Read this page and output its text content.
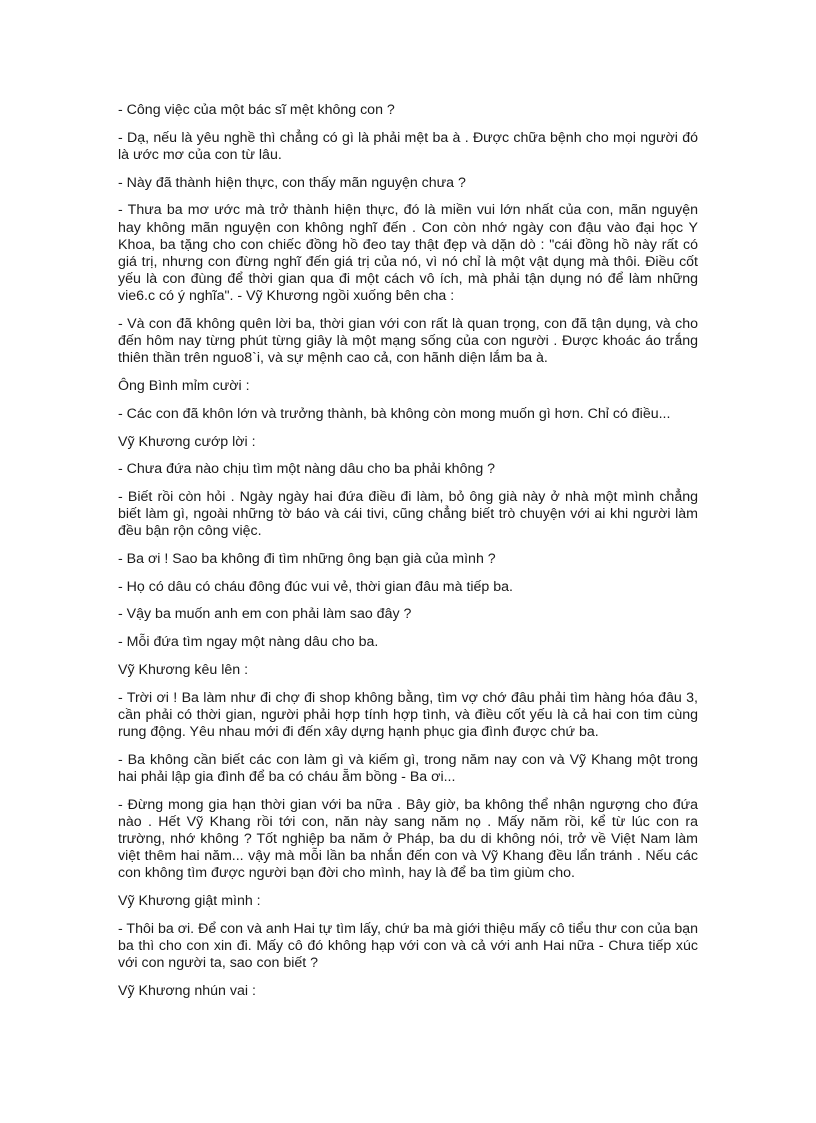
- Công việc của một bác sĩ mệt không con ?

- Dạ, nếu là yêu nghề thì chẳng có gì là phải mệt ba à . Được chữa bệnh cho mọi người đó là ước mơ của con từ lâu.

- Này đã thành hiện thực, con thấy mãn nguyện chưa ?

- Thưa ba mơ ước mà trở thành hiện thực, đó là miền vui lớn nhất của con, mãn nguyện hay không mãn nguyện con không nghĩ đến . Con còn nhớ ngày con đậu vào đại học Y Khoa, ba tặng cho con chiếc đồng hồ đeo tay thật đẹp và dặn dò : "cái đồng hồ này rất có giá trị, nhưng con đừng nghĩ đến giá trị của nó, vì nó chỉ là một vật dụng mà thôi. Điều cốt yếu là con đùng để thời gian qua đi một cách vô ích, mà phải tận dụng nó để làm những vie6.c có ý nghĩa". - Vỹ Khương ngồi xuống bên cha :

- Và con đã không quên lời ba, thời gian với con rất là quan trọng, con đã tận dụng, và cho đến hôm nay từng phút từng giây là một mạng sống của con người . Được khoác áo trắng thiên thần trên nguo8`i, và sự mệnh cao cả, con hãnh diện lắm ba à.

Ông Bình mỉm cười :

- Các con đã khôn lớn và trưởng thành, bà không còn mong muốn gì hơn. Chỉ có điều...

Vỹ Khương cướp lời :

- Chưa đứa nào chịu tìm một nàng dâu cho ba phải không ?

- Biết rồi còn hỏi . Ngày ngày hai đứa điều đi làm, bỏ ông già này ở nhà một mình chẳng biết làm gì, ngoài những tờ báo và cái tivi, cũng chẳng biết trò chuyện với ai khi người làm đều bận rộn công việc.

- Ba ơi ! Sao ba không đi tìm những ông bạn già của mình ?

- Họ có dâu có cháu đông đúc vui vẻ, thời gian đâu mà tiếp ba.

- Vậy ba muốn anh em con phải làm sao đây ?

- Mỗi đứa tìm ngay một nàng dâu cho ba.

Vỹ Khương kêu lên :

- Trời ơi ! Ba làm như đi chợ đi shop không bằng, tìm vợ chớ đâu phải tìm hàng hóa đâu 3, cần phải có thời gian, người phải hợp tính hợp tình, và điều cốt yếu là cả hai con tim cùng rung động. Yêu nhau mới đi đến xây dựng hạnh phục gia đình được chứ ba.

- Ba không cần biết các con làm gì và kiếm gì, trong năm nay con và Vỹ Khang một trong hai phải lập gia đình để ba có cháu ẵm bồng - Ba ơi...

- Đừng mong gia hạn thời gian với ba nữa . Bây giờ, ba không thể nhận ngượng cho đứa nào . Hết Vỹ Khang rồi tới con, năn này sang năm nọ . Mấy năm rồi, kể từ lúc con ra trường, nhớ không ? Tốt nghiệp ba năm ở Pháp, ba du di không nói, trở về Việt Nam làm việt thêm hai năm... vậy mà mỗi lần ba nhắn đến con và Vỹ Khang đều lẩn tránh . Nếu các con không tìm được người bạn đời cho mình, hay là để ba tìm giùm cho.

Vỹ Khương giật mình :

- Thôi ba ơi. Để con và anh Hai tự tìm lấy, chứ ba mà giới thiệu mấy cô tiểu thư con của bạn ba thì cho con xin đi. Mấy cô đó không hạp với con và cả với anh Hai nữa - Chưa tiếp xúc với con người ta, sao con biết ?

Vỹ Khương nhún vai :
